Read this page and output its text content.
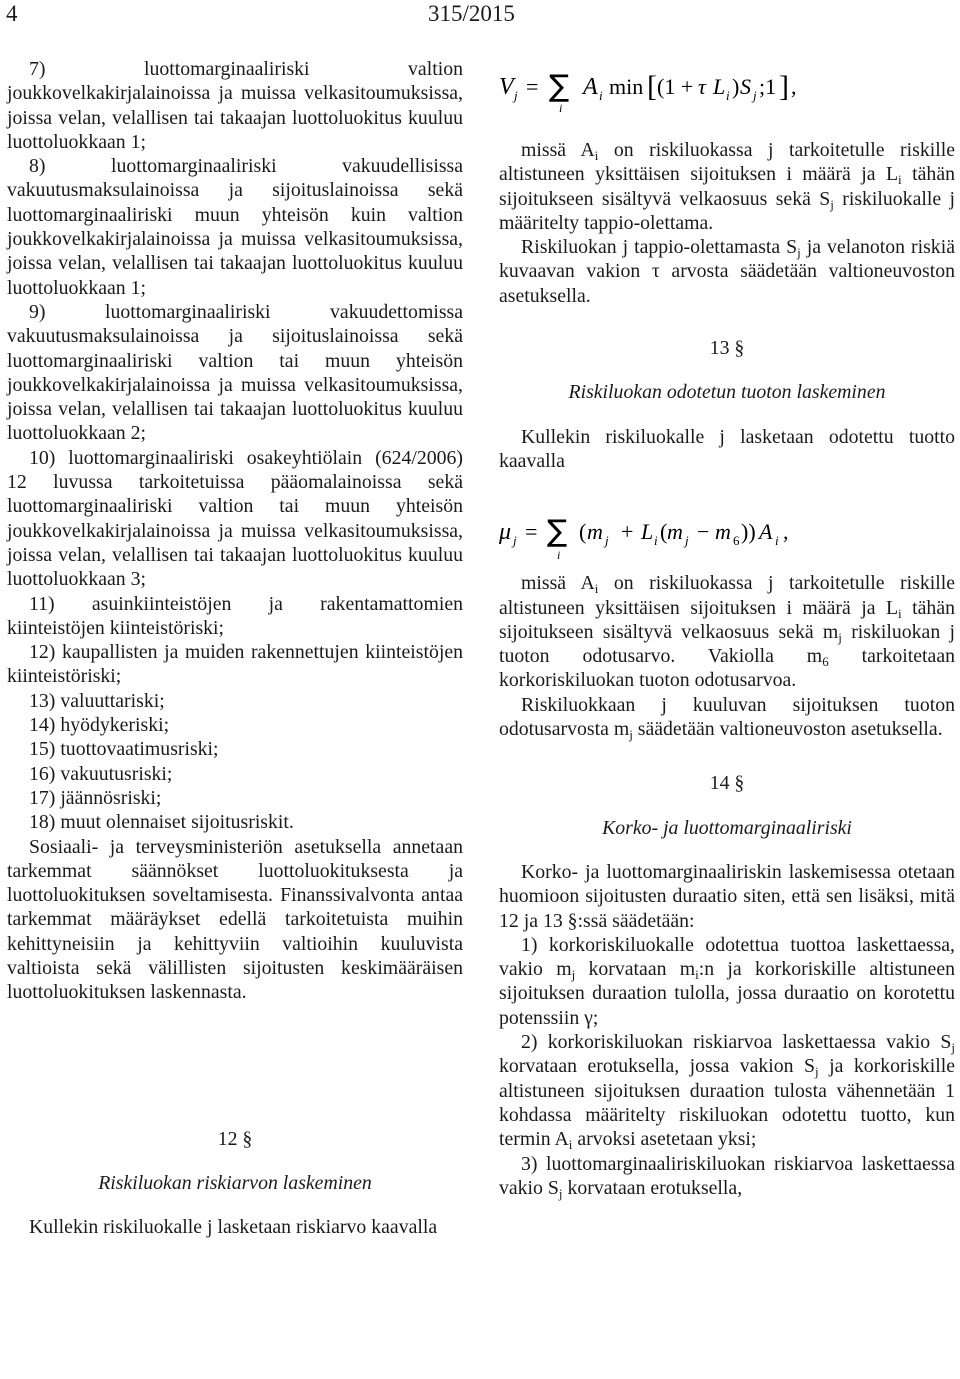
4	315/2015

7) luottomarginaaliriski valtion joukkovelkakirjalainoissa ja muissa velkasitoumuksissa, joissa velan, velallisen tai takaajan luottoluokitus kuuluu luottoluokkaan 1;

8) luottomarginaaliriski vakuudellisissa vakuutusmaksulainoissa ja sijoituslainoissa sekä luottomarginaaliriski muun yhteisön kuin valtion joukkovelkakirjalainoissa ja muissa velkasitoumuksissa, joissa velan, velallisen tai takaajan luottoluokitus kuuluu luottoluokkaan 1;

9) luottomarginaaliriski vakuudettomissa vakuutusmaksulainoissa ja sijoituslainoissa sekä luottomarginaaliriski valtion tai muun yhteisön joukkovelkakirjalainoissa ja muissa velkasitoumuksissa, joissa velan, velallisen tai takaajan luottoluokitus kuuluu luottoluokkaan 2;

10) luottomarginaaliriski osakeyhtiölain (624/2006) 12 luvussa tarkoitetuissa pääomalainoissa sekä luottomarginaaliriski valtion tai muun yhteisön joukkovelkakirjalainoissa ja muissa velkasitoumuksissa, joissa velan, velallisen tai takaajan luottoluokitus kuuluu luottoluokkaan 3;

11) asuinkiinteistöjen ja rakentamattomien kiinteistöjen kiinteistöriski;

12) kaupallisten ja muiden rakennettujen kiinteistöjen kiinteistöriski;

13) valuuttariski;

14) hyödykeriski;

15) tuottovaatimusriski;

16) vakuutusriski;

17) jäännösriski;

18) muut olennaiset sijoitusriskit.

Sosiaali- ja terveysministeriön asetuksella annetaan tarkemmat säännökset luottoluokituksesta ja luottoluokituksen soveltamisesta. Finanssivalvonta antaa tarkemmat määräykset edellä tarkoitetuista muihin kehittyneisiin ja kehittyviin valtioihin kuuluvista valtioista sekä välillisten sijoitusten keskimääräisen luottoluokituksen laskennasta.

12 §

Riskiluokan riskiarvon laskeminen

Kullekin riskiluokalle j lasketaan riskiarvo kaavalla

V j = ∑
i
A i min [ (1 + τ L i ) S j ;1 ] ,

missä $A_i$ on riskiluokassa j tarkoitetulle riskille altistuneen yksittäisen sijoituksen i määrä ja $L_i$ tähän sijoitukseen sisältyvä velkaosuus sekä $S_j$ riskiluokalle j määritelty tappio-olettama.

Riskiluokan j tappio-olettamasta $S_j$ ja velanoton riskiä kuvaavan vakion τ arvosta säädetään valtioneuvoston asetuksella.

13 §

Riskiluokan odotetun tuoton laskeminen

Kullekin riskiluokalle j lasketaan odotettu tuotto kaavalla

μ j = ∑
i
( m j + L i ( m j − m 6 )) A i ,

missä $A_i$ on riskiluokassa j tarkoitetulle riskille altistuneen yksittäisen sijoituksen i määrä ja $L_i$ tähän sijoitukseen sisältyvä velkaosuus sekä $m_j$ riskiluokan j tuoton odotusarvo. Vakiolla $m_6$ tarkoitetaan korkoriskiluokan tuoton odotusarvoa.

Riskiluokkaan j kuuluvan sijoituksen tuoton odotusarvosta $m_j$ säädetään valtioneuvoston asetuksella.

14 §

Korko- ja luottomarginaaliriski

Korko- ja luottomarginaaliriskin laskemisessa otetaan huomioon sijoitusten duraatio siten, että sen lisäksi, mitä 12 ja 13 §:ssä säädetään:

1) korkoriskiluokalle odotettua tuottoa laskettaessa, vakio $m_j$ korvataan $m_i:n$ ja korkoriskille altistuneen sijoituksen duraation tulolla, jossa duraatio on korotettu potenssiin γ;

2) korkoriskiluokan riskiarvoa laskettaessa vakio $S_j$ korvataan erotuksella, jossa vakion $S_j$ ja korkoriskille altistuneen sijoituksen duraation tulosta vähennetään 1 kohdassa määritelty riskiluokan odotettu tuotto, kun termin $A_i$ arvoksi asetetaan yksi;

3) luottomarginaaliriskiluokan riskiarvoa laskettaessa vakio $S_j$ korvataan erotuksella,
